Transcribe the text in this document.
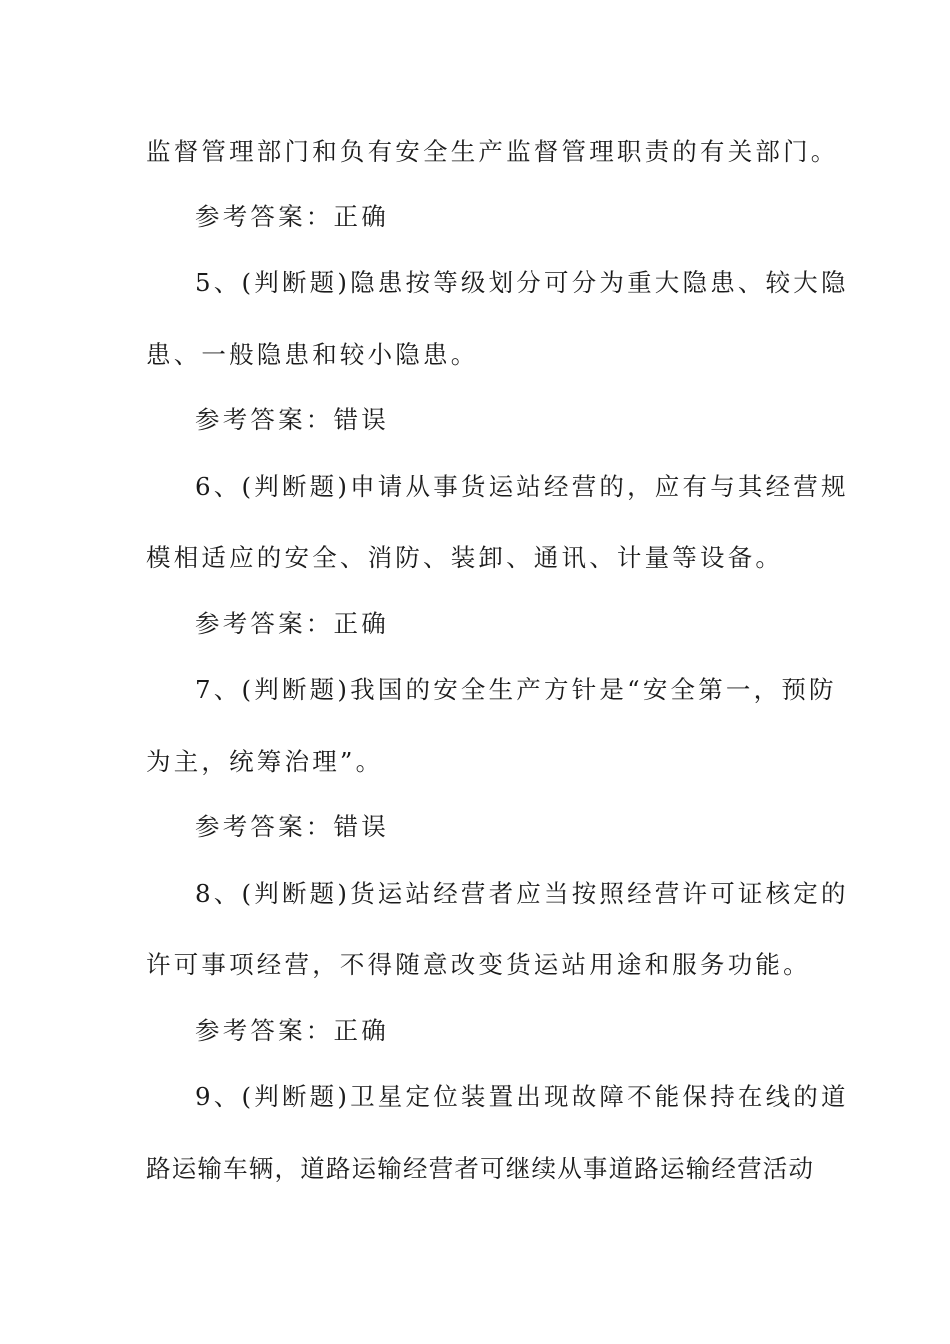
监督管理部门和负有安全生产监督管理职责的有关部门。
参考答案：正确
5、(判断题)隐患按等级划分可分为重大隐患、较大隐
患、一般隐患和较小隐患。
参考答案：错误
6、(判断题)申请从事货运站经营的，应有与其经营规
模相适应的安全、消防、装卸、通讯、计量等设备。
参考答案：正确
7、(判断题)我国的安全生产方针是“安全第一，预防
为主，统筹治理”。
参考答案：错误
8、(判断题)货运站经营者应当按照经营许可证核定的
许可事项经营，不得随意改变货运站用途和服务功能。
参考答案：正确
9、(判断题)卫星定位装置出现故障不能保持在线的道
路运输车辆，道路运输经营者可继续从事道路运输经营活动
